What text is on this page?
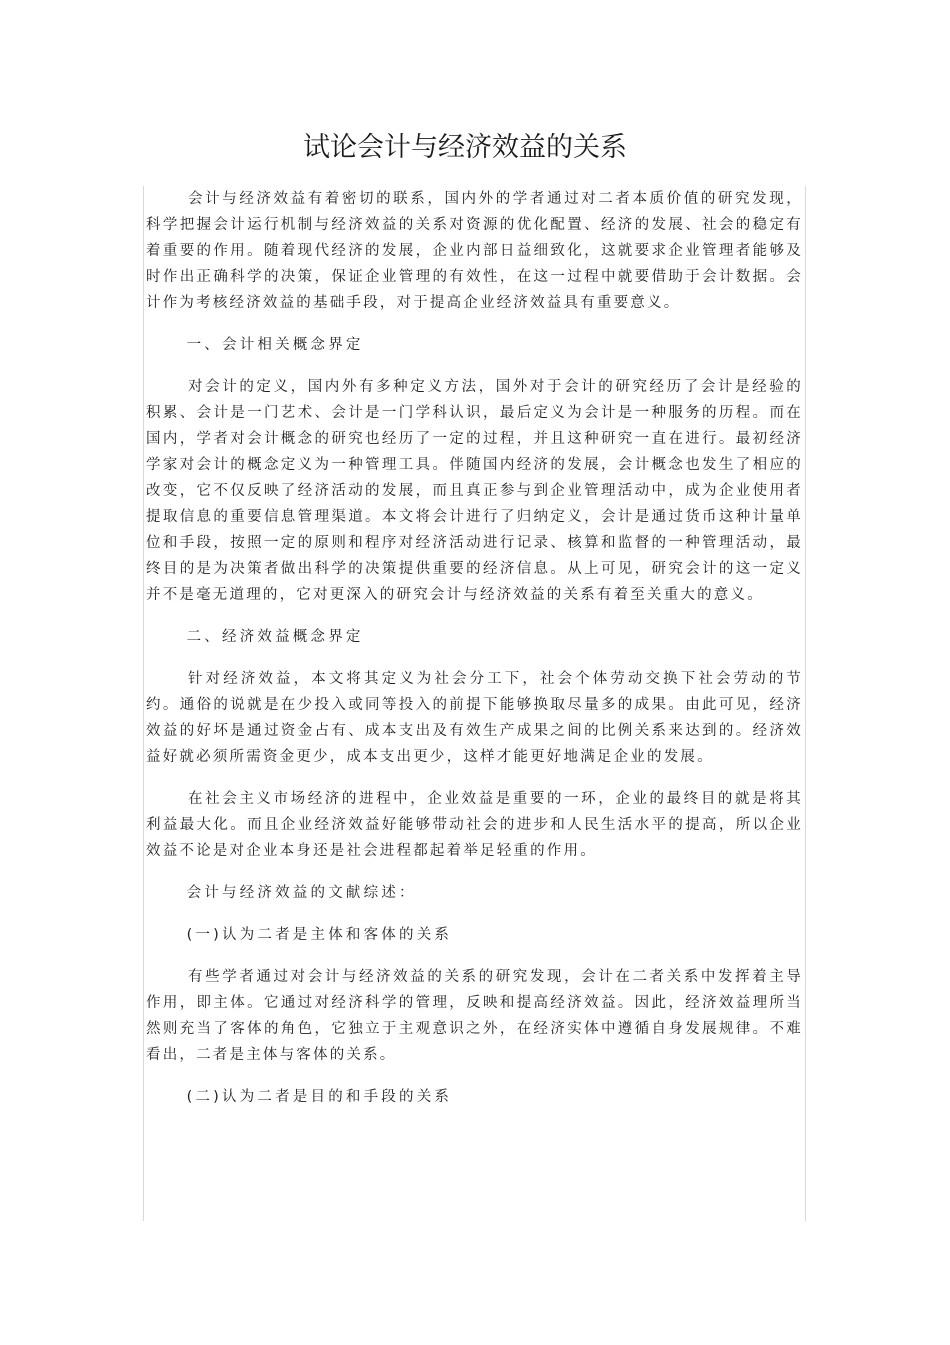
试论会计与经济效益的关系

会计与经济效益有着密切的联系，国内外的学者通过对二者本质价值的研究发现，科学把握会计运行机制与经济效益的关系对资源的优化配置、经济的发展、社会的稳定有着重要的作用。随着现代经济的发展，企业内部日益细致化，这就要求企业管理者能够及时作出正确科学的决策，保证企业管理的有效性，在这一过程中就要借助于会计数据。会计作为考核经济效益的基础手段，对于提高企业经济效益具有重要意义。

一、会计相关概念界定

对会计的定义，国内外有多种定义方法，国外对于会计的研究经历了会计是经验的积累、会计是一门艺术、会计是一门学科认识，最后定义为会计是一种服务的历程。而在国内，学者对会计概念的研究也经历了一定的过程，并且这种研究一直在进行。最初经济学家对会计的概念定义为一种管理工具。伴随国内经济的发展，会计概念也发生了相应的改变，它不仅反映了经济活动的发展，而且真正参与到企业管理活动中，成为企业使用者提取信息的重要信息管理渠道。本文将会计进行了归纳定义，会计是通过货币这种计量单位和手段，按照一定的原则和程序对经济活动进行记录、核算和监督的一种管理活动，最终目的是为决策者做出科学的决策提供重要的经济信息。从上可见，研究会计的这一定义并不是毫无道理的，它对更深入的研究会计与经济效益的关系有着至关重大的意义。

二、经济效益概念界定

针对经济效益，本文将其定义为社会分工下，社会个体劳动交换下社会劳动的节约。通俗的说就是在少投入或同等投入的前提下能够换取尽量多的成果。由此可见，经济效益的好坏是通过资金占有、成本支出及有效生产成果之间的比例关系来达到的。经济效益好就必须所需资金更少，成本支出更少，这样才能更好地满足企业的发展。

在社会主义市场经济的进程中，企业效益是重要的一环，企业的最终目的就是将其利益最大化。而且企业经济效益好能够带动社会的进步和人民生活水平的提高，所以企业效益不论是对企业本身还是社会进程都起着举足轻重的作用。

会计与经济效益的文献综述：

(一)认为二者是主体和客体的关系

有些学者通过对会计与经济效益的关系的研究发现，会计在二者关系中发挥着主导作用，即主体。它通过对经济科学的管理，反映和提高经济效益。因此，经济效益理所当然则充当了客体的角色，它独立于主观意识之外，在经济实体中遵循自身发展规律。不难看出，二者是主体与客体的关系。

(二)认为二者是目的和手段的关系
